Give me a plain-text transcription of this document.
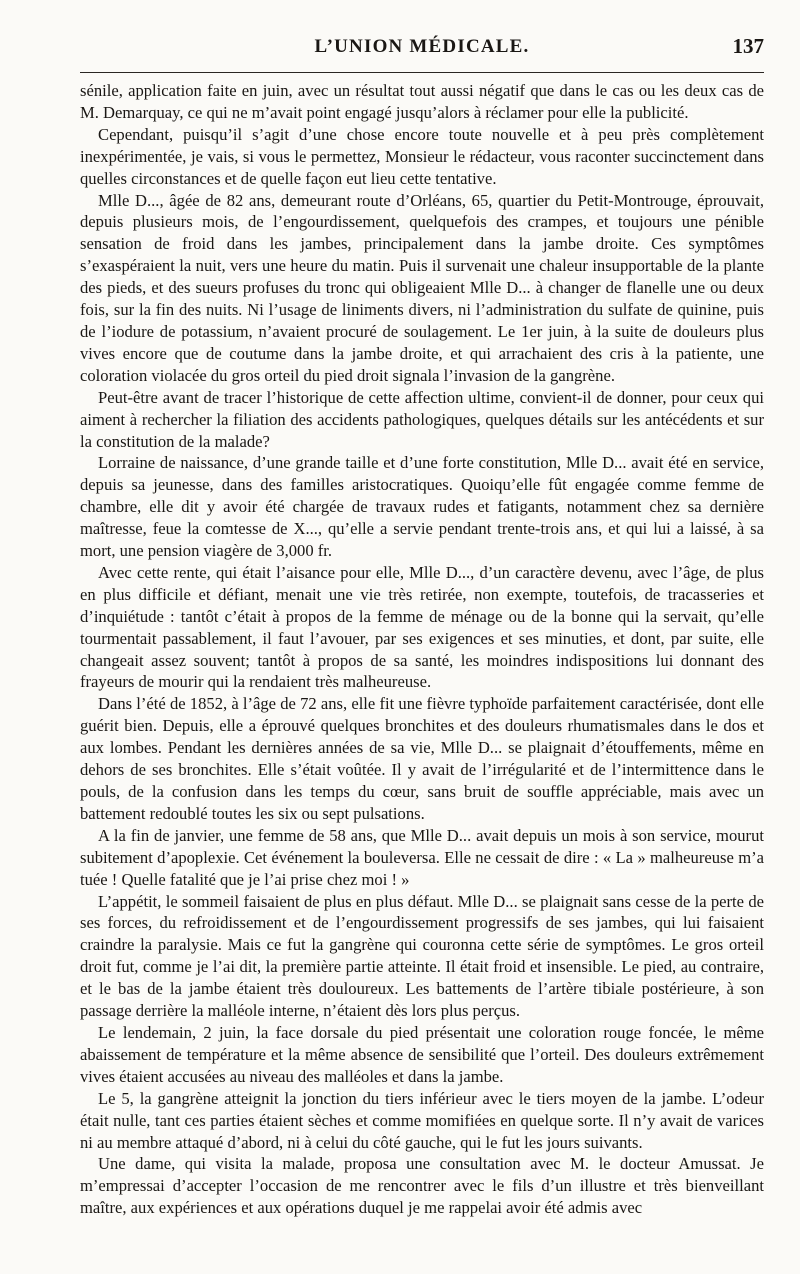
L’UNION MÉDICALE.	137

sénile, application faite en juin, avec un résultat tout aussi négatif que dans le cas ou les deux cas de M. Demarquay, ce qui ne m’avait point engagé jusqu’alors à réclamer pour elle la publicité.

Cependant, puisqu’il s’agit d’une chose encore toute nouvelle et à peu près complètement inexpérimentée, je vais, si vous le permettez, Monsieur le rédacteur, vous raconter succinctement dans quelles circonstances et de quelle façon eut lieu cette tentative.

Mlle D..., âgée de 82 ans, demeurant route d’Orléans, 65, quartier du Petit-Montrouge, éprouvait, depuis plusieurs mois, de l’engourdissement, quelquefois des crampes, et toujours une pénible sensation de froid dans les jambes, principalement dans la jambe droite. Ces symptômes s’exaspéraient la nuit, vers une heure du matin. Puis il survenait une chaleur insupportable de la plante des pieds, et des sueurs profuses du tronc qui obligeaient Mlle D... à changer de flanelle une ou deux fois, sur la fin des nuits. Ni l’usage de liniments divers, ni l’administration du sulfate de quinine, puis de l’iodure de potassium, n’avaient procuré de soulagement. Le 1er juin, à la suite de douleurs plus vives encore que de coutume dans la jambe droite, et qui arrachaient des cris à la patiente, une coloration violacée du gros orteil du pied droit signala l’invasion de la gangrène.

Peut-être avant de tracer l’historique de cette affection ultime, convient-il de donner, pour ceux qui aiment à rechercher la filiation des accidents pathologiques, quelques détails sur les antécédents et sur la constitution de la malade?

Lorraine de naissance, d’une grande taille et d’une forte constitution, Mlle D... avait été en service, depuis sa jeunesse, dans des familles aristocratiques. Quoiqu’elle fût engagée comme femme de chambre, elle dit y avoir été chargée de travaux rudes et fatigants, notamment chez sa dernière maîtresse, feue la comtesse de X..., qu’elle a servie pendant trente-trois ans, et qui lui a laissé, à sa mort, une pension viagère de 3,000 fr.

Avec cette rente, qui était l’aisance pour elle, Mlle D..., d’un caractère devenu, avec l’âge, de plus en plus difficile et défiant, menait une vie très retirée, non exempte, toutefois, de tracasseries et d’inquiétude : tantôt c’était à propos de la femme de ménage ou de la bonne qui la servait, qu’elle tourmentait passablement, il faut l’avouer, par ses exigences et ses minuties, et dont, par suite, elle changeait assez souvent; tantôt à propos de sa santé, les moindres indispositions lui donnant des frayeurs de mourir qui la rendaient très malheureuse.

Dans l’été de 1852, à l’âge de 72 ans, elle fit une fièvre typhoïde parfaitement caractérisée, dont elle guérit bien. Depuis, elle a éprouvé quelques bronchites et des douleurs rhumatismales dans le dos et aux lombes. Pendant les dernières années de sa vie, Mlle D... se plaignait d’étouffements, même en dehors de ses bronchites. Elle s’était voûtée. Il y avait de l’irrégularité et de l’intermittence dans le pouls, de la confusion dans les temps du cœur, sans bruit de souffle appréciable, mais avec un battement redoublé toutes les six ou sept pulsations.

A la fin de janvier, une femme de 58 ans, que Mlle D... avait depuis un mois à son service, mourut subitement d’apoplexie. Cet événement la bouleversa. Elle ne cessait de dire : « La » malheureuse m’a tuée ! Quelle fatalité que je l’ai prise chez moi ! »

L’appétit, le sommeil faisaient de plus en plus défaut. Mlle D... se plaignait sans cesse de la perte de ses forces, du refroidissement et de l’engourdissement progressifs de ses jambes, qui lui faisaient craindre la paralysie. Mais ce fut la gangrène qui couronna cette série de symptômes. Le gros orteil droit fut, comme je l’ai dit, la première partie atteinte. Il était froid et insensible. Le pied, au contraire, et le bas de la jambe étaient très douloureux. Les battements de l’artère tibiale postérieure, à son passage derrière la malléole interne, n’étaient dès lors plus perçus.

Le lendemain, 2 juin, la face dorsale du pied présentait une coloration rouge foncée, le même abaissement de température et la même absence de sensibilité que l’orteil. Des douleurs extrêmement vives étaient accusées au niveau des malléoles et dans la jambe.

Le 5, la gangrène atteignit la jonction du tiers inférieur avec le tiers moyen de la jambe. L’odeur était nulle, tant ces parties étaient sèches et comme momifiées en quelque sorte. Il n’y avait de varices ni au membre attaqué d’abord, ni à celui du côté gauche, qui le fut les jours suivants.

Une dame, qui visita la malade, proposa une consultation avec M. le docteur Amussat. Je m’empressai d’accepter l’occasion de me rencontrer avec le fils d’un illustre et très bienveillant maître, aux expériences et aux opérations duquel je me rappelai avoir été admis avec
